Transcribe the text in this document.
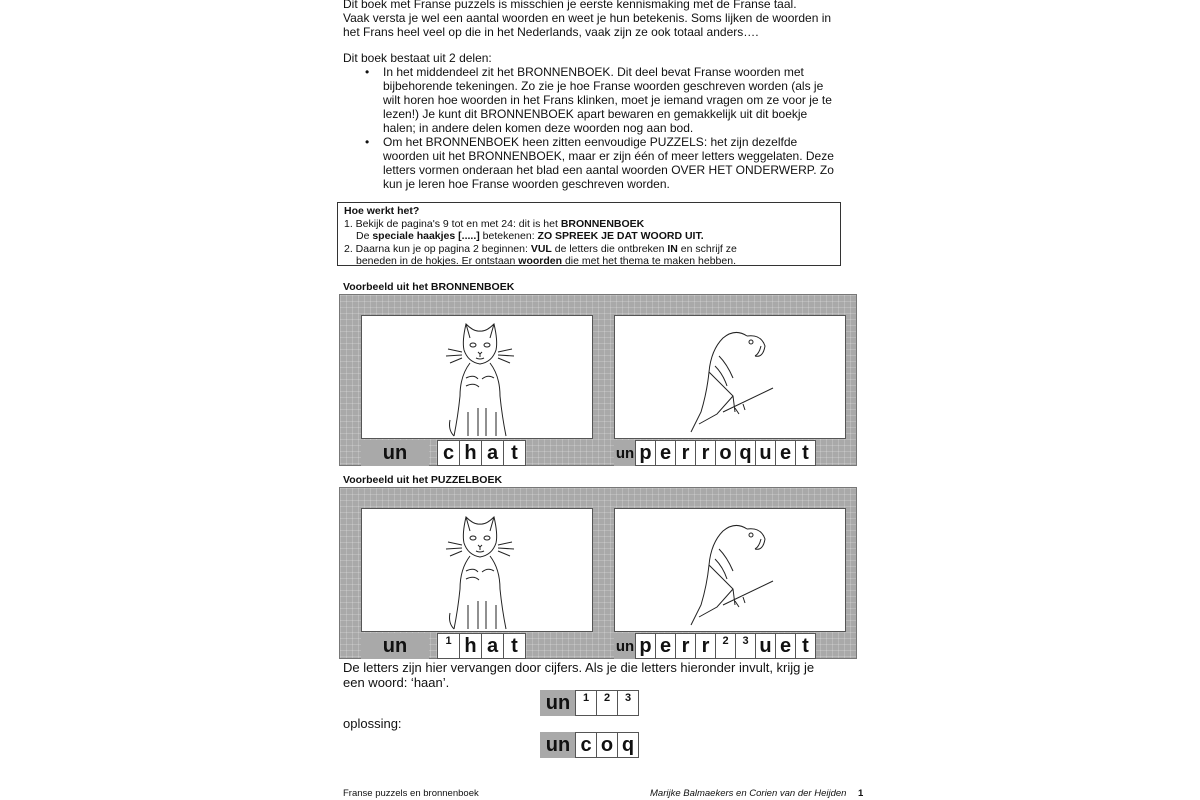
Dit boek met Franse puzzels is misschien je eerste kennismaking met de Franse taal.
Vaak versta je wel een aantal woorden en weet je hun betekenis. Soms lijken de woorden in
het Frans heel veel op die in het Nederlands, vaak zijn ze ook totaal anders….

Dit boek bestaat uit 2 delen:

• In het middendeel zit het BRONNENBOEK. Dit deel bevat Franse woorden met
bijbehorende tekeningen. Zo zie je hoe Franse woorden geschreven worden (als je
wilt horen hoe woorden in het Frans klinken, moet je iemand vragen om ze voor je te
lezen!) Je kunt dit BRONNENBOEK apart bewaren en gemakkelijk uit dit boekje
halen; in andere delen komen deze woorden nog aan bod.
• Om het BRONNENBOEK heen zitten eenvoudige PUZZELS: het zijn dezelfde
woorden uit het BRONNENBOEK, maar er zijn één of meer letters weggelaten. Deze
letters vormen onderaan het blad een aantal woorden OVER HET ONDERWERP. Zo
kun je leren hoe Franse woorden geschreven worden.
Hoe werkt het?
1. Bekijk de pagina's 9 tot en met 24: dit is het BRONNENBOEK
De speciale haakjes [.....] betekenen: ZO SPREEK JE DAT WOORD UIT.
2. Daarna kun je op pagina 2 beginnen: VUL de letters die ontbreken IN en schrijf ze
beneden in de hokjes. Er ontstaan woorden die met het thema te maken hebben.
Voorbeeld uit het BRONNENBOEK
un	c h a t	un p e r r o q u e t
Voorbeeld uit het PUZZELBOEK
un	1 h a t	un p e r r	2	3 u e t
De letters zijn hier vervangen door cijfers. Als je die letters hieronder invult, krijg je
een woord: ‘haan’.
un	1	2	3
oplossing:
un c o q
Franse puzzels en bronnenboek	Marijke Balmaekers en Corien van der Heijden 1
